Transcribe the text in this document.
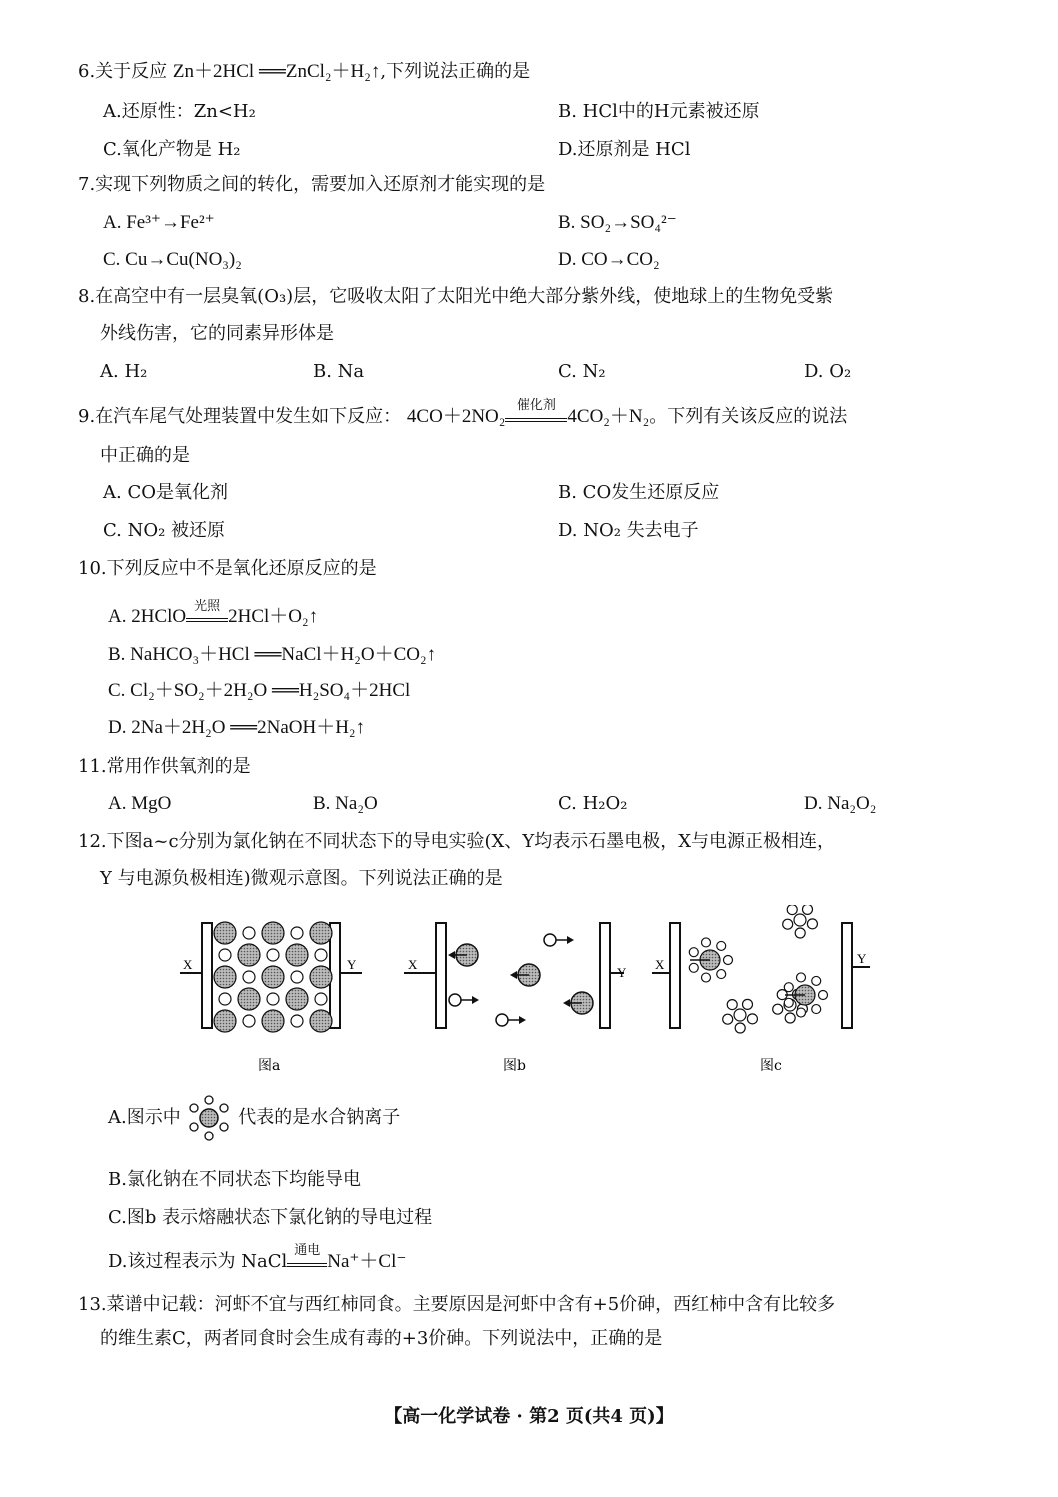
6.关于反应 Zn＋2HCl ══ZnCl₂＋H₂↑,下列说法正确的是
A.还原性：Zn<H₂	B. HCl中的H元素被还原
C.氧化产物是 H₂	D.还原剂是 HCl
7.实现下列物质之间的转化，需要加入还原剂才能实现的是
A. Fe³⁺→Fe²⁺	B. SO₂→SO₄²⁻
C. Cu→Cu(NO₃)₂	D. CO→CO₂
8.在高空中有一层臭氧(O₃)层，它吸收太阳了太阳光中绝大部分紫外线，使地球上的生物免受紫
外线伤害，它的同素异形体是
A. H₂	B. Na	C. N₂	D. O₂
9.在汽车尾气处理装置中发生如下反应： 4CO＋2NO₂
催化剂
4CO₂＋N₂。下列有关该反应的说法
中正确的是
A. CO是氧化剂	B. CO发生还原反应
C. NO₂ 被还原	D. NO₂ 失去电子
10.下列反应中不是氧化还原反应的是
A. 2HClO
光照
2HCl＋O₂↑
B. NaHCO₃＋HCl ══NaCl＋H₂O＋CO₂↑
C. Cl₂＋SO₂＋2H₂O ══H₂SO₄＋2HCl
D. 2Na＋2H₂O ══2NaOH＋H₂↑
11.常用作供氧剂的是
A. MgO	B. Na₂O	C. H₂O₂	D. Na₂O₂
12.下图a~c分别为氯化钠在不同状态下的导电实验(X、Y均表示石墨电极，X与电源正极相连，
Y 与电源负极相连)微观示意图。下列说法正确的是
X	Y
图a
X
Y
图b
X	Y
图c
A.图示中	代表的是水合钠离子
B.氯化钠在不同状态下均能导电
C.图b 表示熔融状态下氯化钠的导电过程
D.该过程表示为 NaCl
通电
Na⁺＋Cl⁻
13.菜谱中记载：河虾不宜与西红柿同食。主要原因是河虾中含有+5价砷，西红柿中含有比较多
的维生素C，两者同食时会生成有毒的+3价砷。下列说法中，正确的是
【高一化学试卷 · 第2 页(共4 页)】
